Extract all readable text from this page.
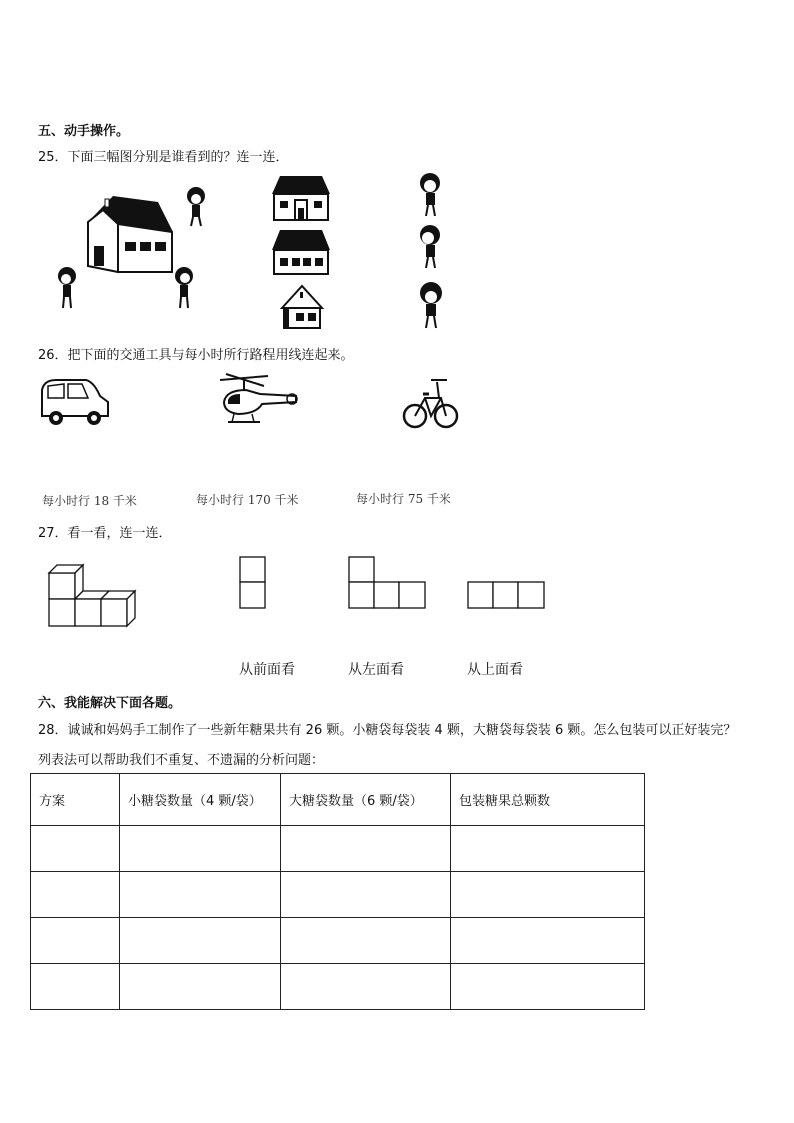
五、动手操作。
25．下面三幅图分别是谁看到的？连一连．
26．把下面的交通工具与每小时所行路程用线连起来。
每小时行 18 千米	每小时行 170 千米	每小时行 75 千米
27．看一看，连一连．
从前面看	从左面看	从上面看
六、我能解决下面各题。
28．诚诚和妈妈手工制作了一些新年糖果共有 26 颗。小糖袋每袋装 4 颗，大糖袋每袋装 6 颗。怎么包装可以正好装完？
列表法可以帮助我们不重复、不遗漏的分析问题：
方案	小糖袋数量（4 颗/袋）	大糖袋数量（6 颗/袋）	包装糖果总颗数
